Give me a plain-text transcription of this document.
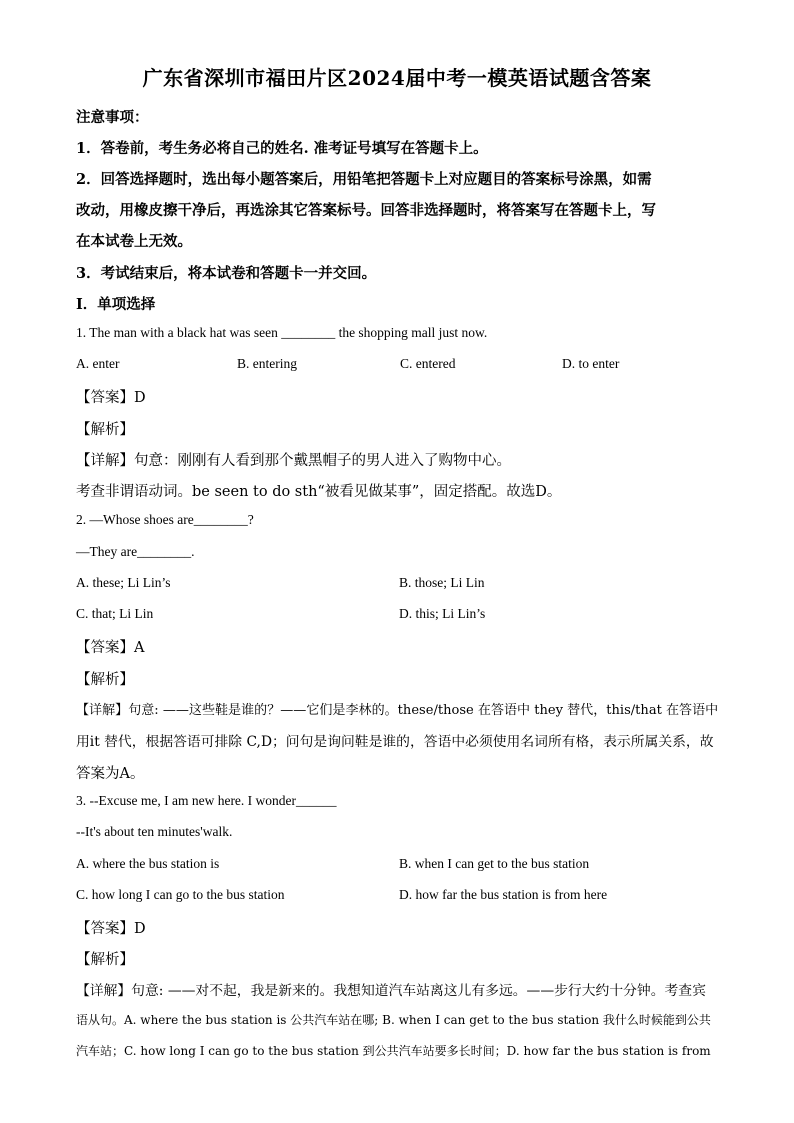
广东省深圳市福田片区2024届中考一模英语试题含答案
注意事项：
1．答卷前，考生务必将自己的姓名. 准考证号填写在答题卡上。
2．回答选择题时，选出每小题答案后，用铅笔把答题卡上对应题目的答案标号涂黑，如需
改动，用橡皮擦干净后，再选涂其它答案标号。回答非选择题时，将答案写在答题卡上，写
在本试卷上无效。
3．考试结束后，将本试卷和答题卡一并交回。
Ⅰ．单项选择
1. The man with a black hat was seen ________ the shopping mall just now.
A. enter	B. entering	C. entered	D. to enter
【答案】D
【解析】
【详解】句意：刚刚有人看到那个戴黑帽子的男人进入了购物中心。
考查非谓语动词。be seen to do sth“被看见做某事”，固定搭配。故选D。
2. —Whose shoes are________?
—They are________.
A. these; Li Lin’s	B. those; Li Lin
C. that; Li Lin	D. this; Li Lin’s
【答案】A
【解析】
【详解】句意: ——这些鞋是谁的？——它们是李林的。these/those 在答语中 they 替代，this/that 在答语中
用it 替代，根据答语可排除 C,D；问句是询问鞋是谁的，答语中必须使用名词所有格，表示所属关系，故
答案为A。
3. --Excuse me, I am new here. I wonder______
--It's about ten minutes'walk.
A. where the bus station is	B. when I can get to the bus station
C. how long I can go to the bus station	D. how far the bus station is from here
【答案】D
【解析】
【详解】句意: ——对不起，我是新来的。我想知道汽车站离这儿有多远。——步行大约十分钟。考查宾
语从句。A. where the bus station is 公共汽车站在哪; B. when I can get to the bus station 我什么时候能到公共
汽车站；C. how long I can go to the bus station 到公共汽车站要多长时间；D. how far the bus station is from
